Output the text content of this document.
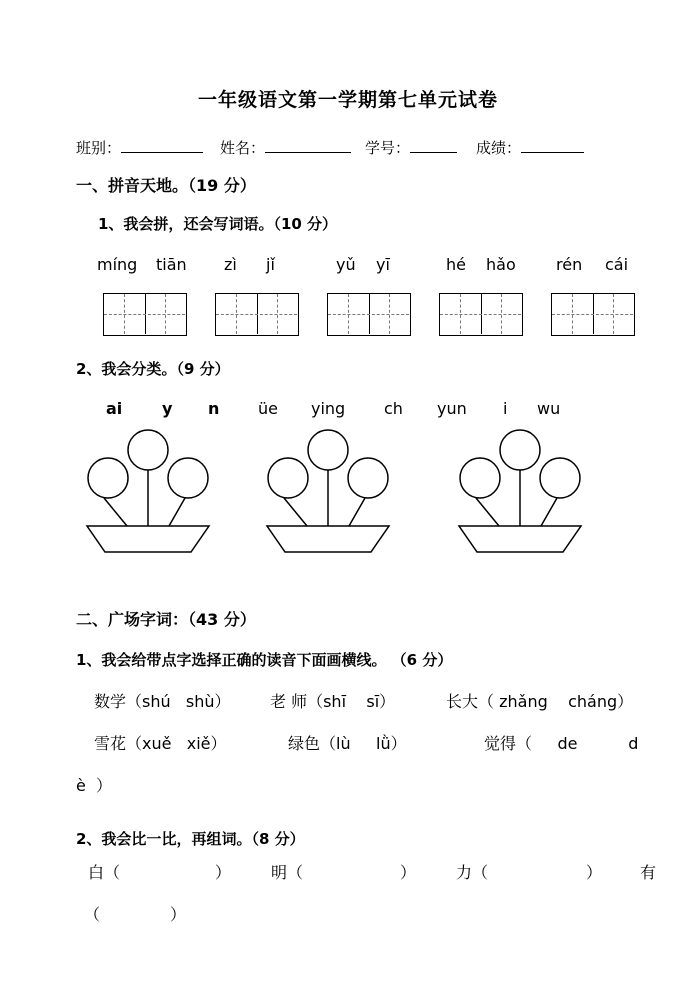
一年级语文第一学期第七单元试卷
班别：	姓名：	学号：	成绩：
一、拼音天地。（19 分）
1、我会拼，还会写词语。（10 分）
míng tiān zì jǐ	yǔ yī	hé hǎo	rén cái
2、我会分类。（9 分）
ai y n üe ying ch yun i wu
二、广场字词：（43 分）
1、我会给带点字选择正确的读音下面画横线。 （6 分）
数学（shú   shù） 老 师（shī    sī）	长大（ zhǎng    cháng）
雪花（xuě   xiě）	绿色（lù     lǜ）	觉得（     de          d
è  ）
2、我会比一比，再组词。（8 分）
白（	） 明（	） 力（	） 有
（	）
